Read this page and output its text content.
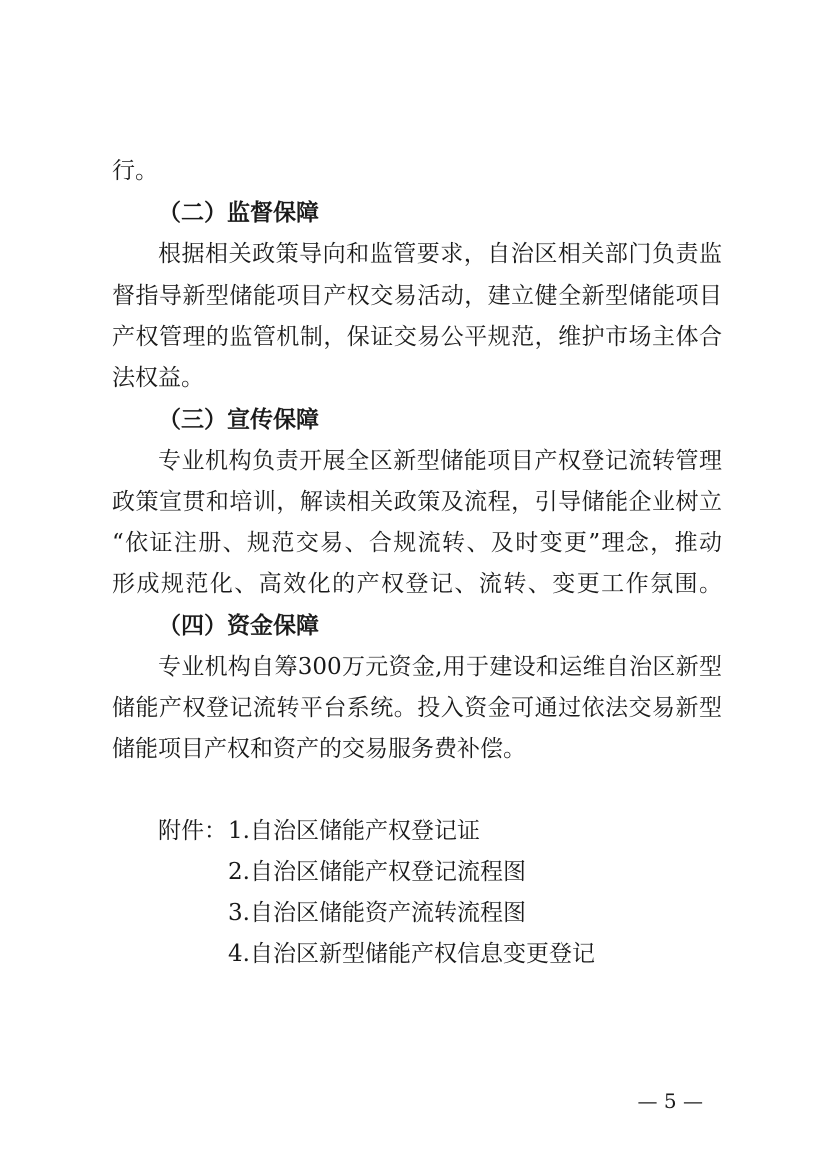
行。
（二）监督保障
根据相关政策导向和监管要求，自治区相关部门负责监
督指导新型储能项目产权交易活动，建立健全新型储能项目
产权管理的监管机制，保证交易公平规范，维护市场主体合
法权益。
（三）宣传保障
专业机构负责开展全区新型储能项目产权登记流转管理
政策宣贯和培训，解读相关政策及流程，引导储能企业树立
“依证注册、规范交易、合规流转、及时变更”理念，推动
形成规范化、高效化的产权登记、流转、变更工作氛围。
（四）资金保障
专业机构自筹300万元资金,用于建设和运维自治区新型
储能产权登记流转平台系统。投入资金可通过依法交易新型
储能项目产权和资产的交易服务费补偿。
附件： 1.自治区储能产权登记证
2.自治区储能产权登记流程图
3.自治区储能资产流转流程图
4.自治区新型储能产权信息变更登记
— 5 —
